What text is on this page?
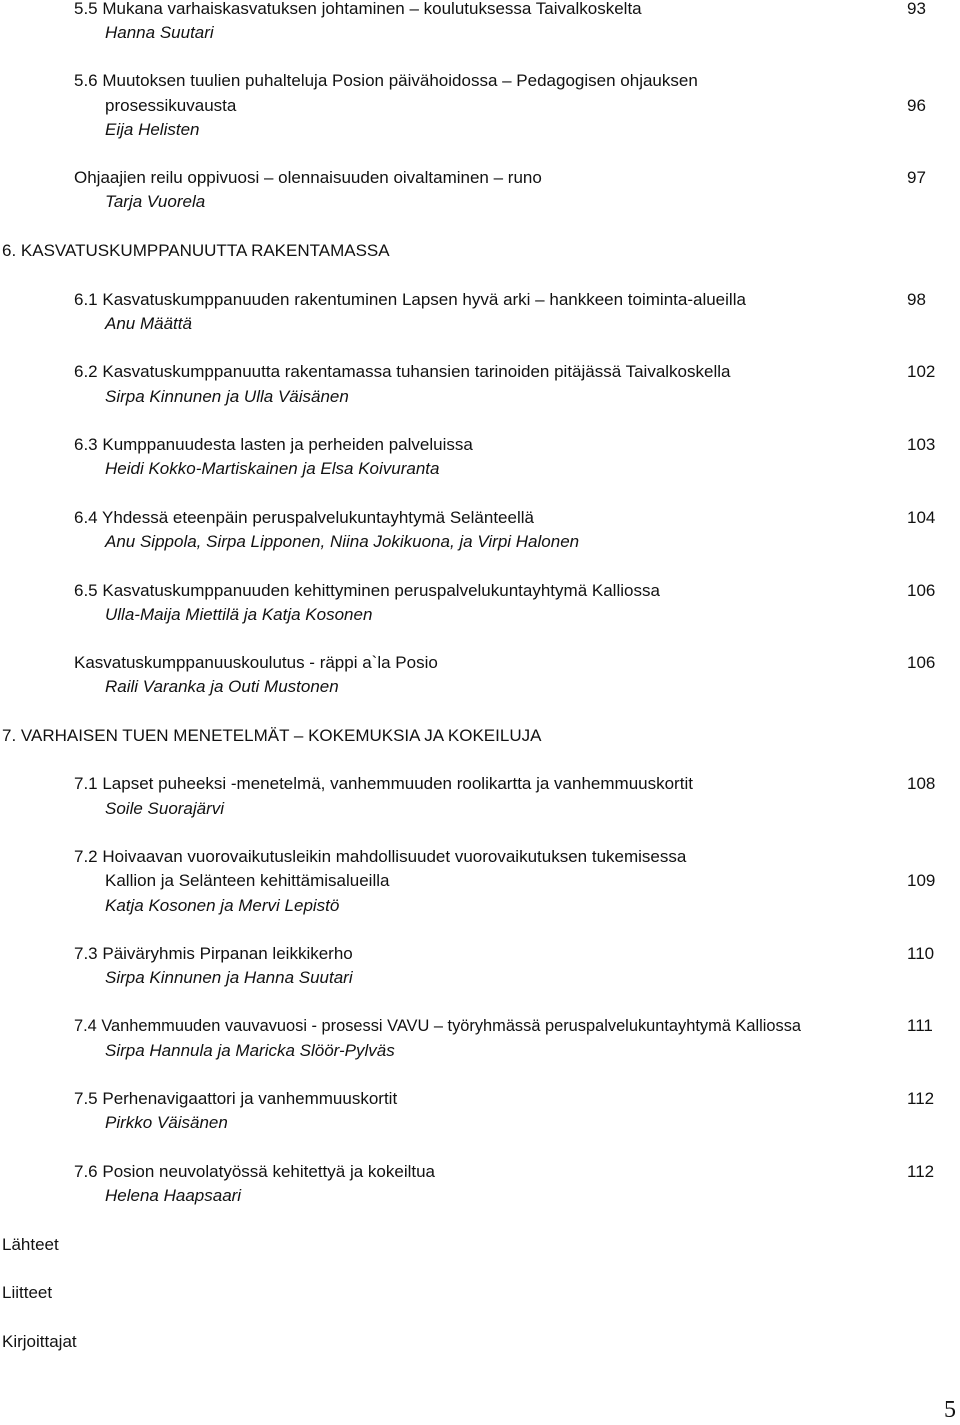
5.5 Mukana varhaiskasvatuksen johtaminen – koulutuksessa Taivalkoskelta
Hanna Suutari
93
5.6 Muutoksen tuulien puhalteluja Posion päivähoidossa – Pedagogisen ohjauksen
prosessikuvausta
Eija Helisten
96
Ohjaajien reilu oppivuosi – olennaisuuden oivaltaminen – runo
Tarja Vuorela
97
6. KASVATUSKUMPPANUUTTA RAKENTAMASSA
6.1 Kasvatuskumppanuuden rakentuminen Lapsen hyvä arki – hankkeen toiminta-alueilla
Anu Määttä
98
6.2 Kasvatuskumppanuutta rakentamassa tuhansien tarinoiden pitäjässä Taivalkoskella
Sirpa Kinnunen ja Ulla Väisänen
102
6.3 Kumppanuudesta lasten ja perheiden palveluissa
Heidi Kokko-Martiskainen ja Elsa Koivuranta
103
6.4 Yhdessä eteenpäin peruspalvelukuntayhtymä Selänteellä
Anu Sippola, Sirpa Lipponen, Niina Jokikuona, ja Virpi Halonen
104
6.5 Kasvatuskumppanuuden kehittyminen peruspalvelukuntayhtymä Kalliossa
Ulla-Maija Miettilä ja Katja Kosonen
106
Kasvatuskumppanuuskoulutus - räppi a`la Posio
Raili Varanka ja Outi Mustonen
106
7. VARHAISEN TUEN MENETELMÄT – KOKEMUKSIA JA KOKEILUJA
7.1 Lapset puheeksi -menetelmä, vanhemmuuden roolikartta ja vanhemmuuskortit
Soile Suorajärvi
108
7.2 Hoivaavan vuorovaikutusleikin mahdollisuudet vuorovaikutuksen tukemisessa
Kallion ja Selänteen kehittämisalueilla
Katja Kosonen ja Mervi Lepistö
109
7.3 Päiväryhmis Pirpanan leikkikerho
Sirpa Kinnunen ja Hanna Suutari
110
7.4 Vanhemmuuden vauvavuosi - prosessi VAVU – työryhmässä peruspalvelukuntayhtymä Kalliossa
Sirpa Hannula ja Maricka Slöör-Pylväs
111
7.5 Perhenavigaattori ja vanhemmuuskortit
Pirkko Väisänen
112
7.6 Posion neuvolatyössä kehitettyä ja kokeiltua
Helena Haapsaari
112
Lähteet
Liitteet
Kirjoittajat
5
